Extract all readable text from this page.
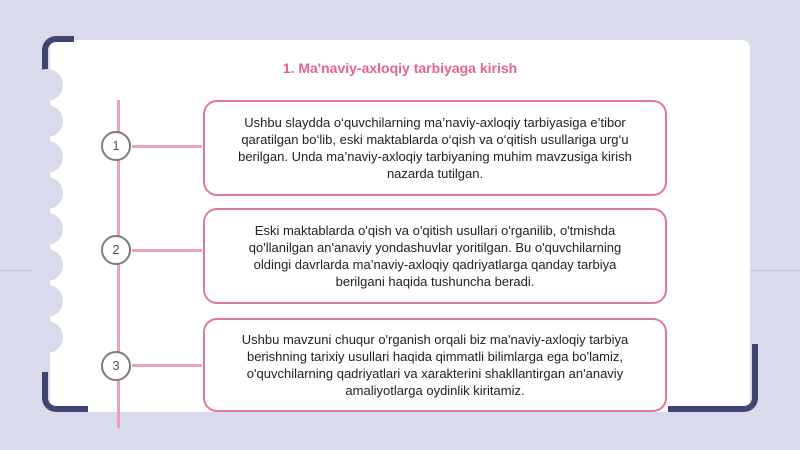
1. Ma'naviy-axloqiy tarbiyaga kirish
1
2
3
Ushbu slaydda o‘quvchilarning ma’naviy-axloqiy tarbiyasiga e’tibor qaratilgan bo‘lib, eski maktablarda o‘qish va o‘qitish usullariga urg‘u berilgan. Unda ma’naviy-axloqiy tarbiyaning muhim mavzusiga kirish nazarda tutilgan.
Eski maktablarda o'qish va o'qitish usullari o'rganilib, o'tmishda qo'llanilgan an'anaviy yondashuvlar yoritilgan. Bu o'quvchilarning oldingi davrlarda ma’naviy-axloqiy qadriyatlarga qanday tarbiya berilgani haqida tushuncha beradi.
Ushbu mavzuni chuqur o'rganish orqali biz ma'naviy-axloqiy tarbiya berishning tarixiy usullari haqida qimmatli bilimlarga ega bo'lamiz, o'quvchilarning qadriyatlari va xarakterini shakllantirgan an'anaviy amaliyotlarga oydinlik kiritamiz.
